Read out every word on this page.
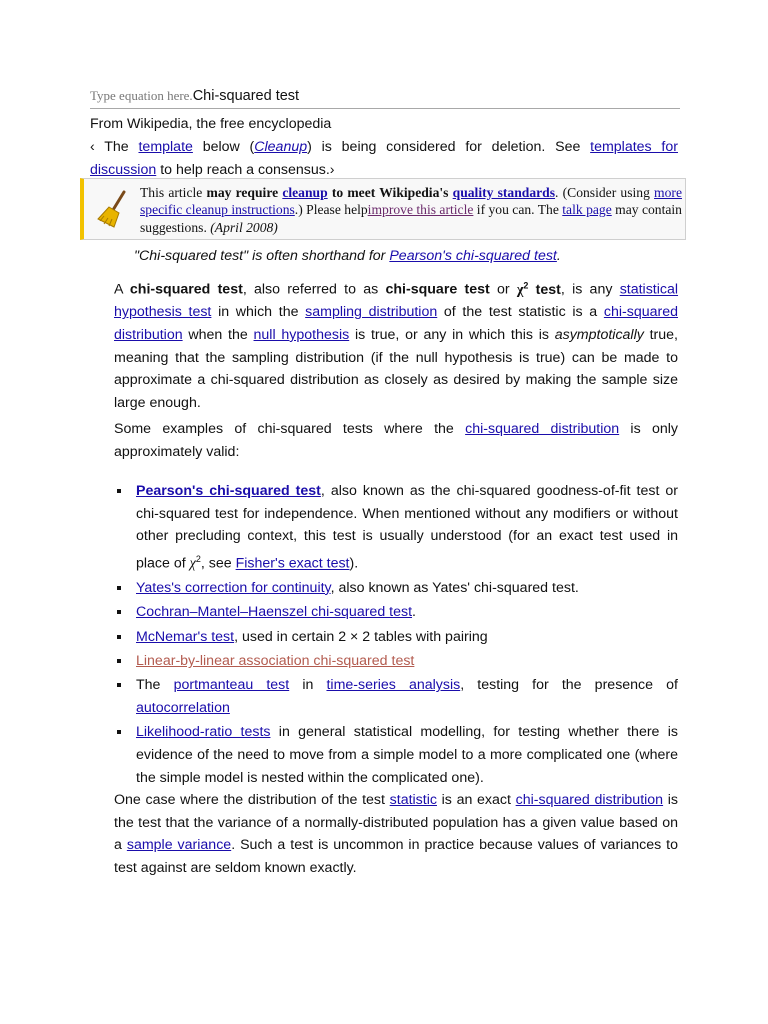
Type equation here.Chi-squared test
From Wikipedia, the free encyclopedia
‹ The template below (Cleanup) is being considered for deletion. See templates for discussion to help reach a consensus.›
This article may require cleanup to meet Wikipedia's quality standards. (Consider using more specific cleanup instructions.) Please helpimprove this article if you can. The talk page may contain suggestions. (April 2008)
"Chi-squared test" is often shorthand for Pearson's chi-squared test.
A chi-squared test, also referred to as chi-square test or $\chi^2$ test, is any statistical hypothesis test in which the sampling distribution of the test statistic is a chi-squared distribution when the null hypothesis is true, or any in which this is asymptotically true, meaning that the sampling distribution (if the null hypothesis is true) can be made to approximate a chi-squared distribution as closely as desired by making the sample size large enough.
Some examples of chi-squared tests where the chi-squared distribution is only approximately valid:
Pearson's chi-squared test, also known as the chi-squared goodness-of-fit test or chi-squared test for independence. When mentioned without any modifiers or without other precluding context, this test is usually understood (for an exact test used in place of $\chi^2$, see Fisher's exact test).
Yates's correction for continuity, also known as Yates' chi-squared test.
Cochran–Mantel–Haenszel chi-squared test.
McNemar's test, used in certain 2 × 2 tables with pairing
Linear-by-linear association chi-squared test
The portmanteau test in time-series analysis, testing for the presence of autocorrelation
Likelihood-ratio tests in general statistical modelling, for testing whether there is evidence of the need to move from a simple model to a more complicated one (where the simple model is nested within the complicated one).
One case where the distribution of the test statistic is an exact chi-squared distribution is the test that the variance of a normally-distributed population has a given value based on a sample variance. Such a test is uncommon in practice because values of variances to test against are seldom known exactly.
